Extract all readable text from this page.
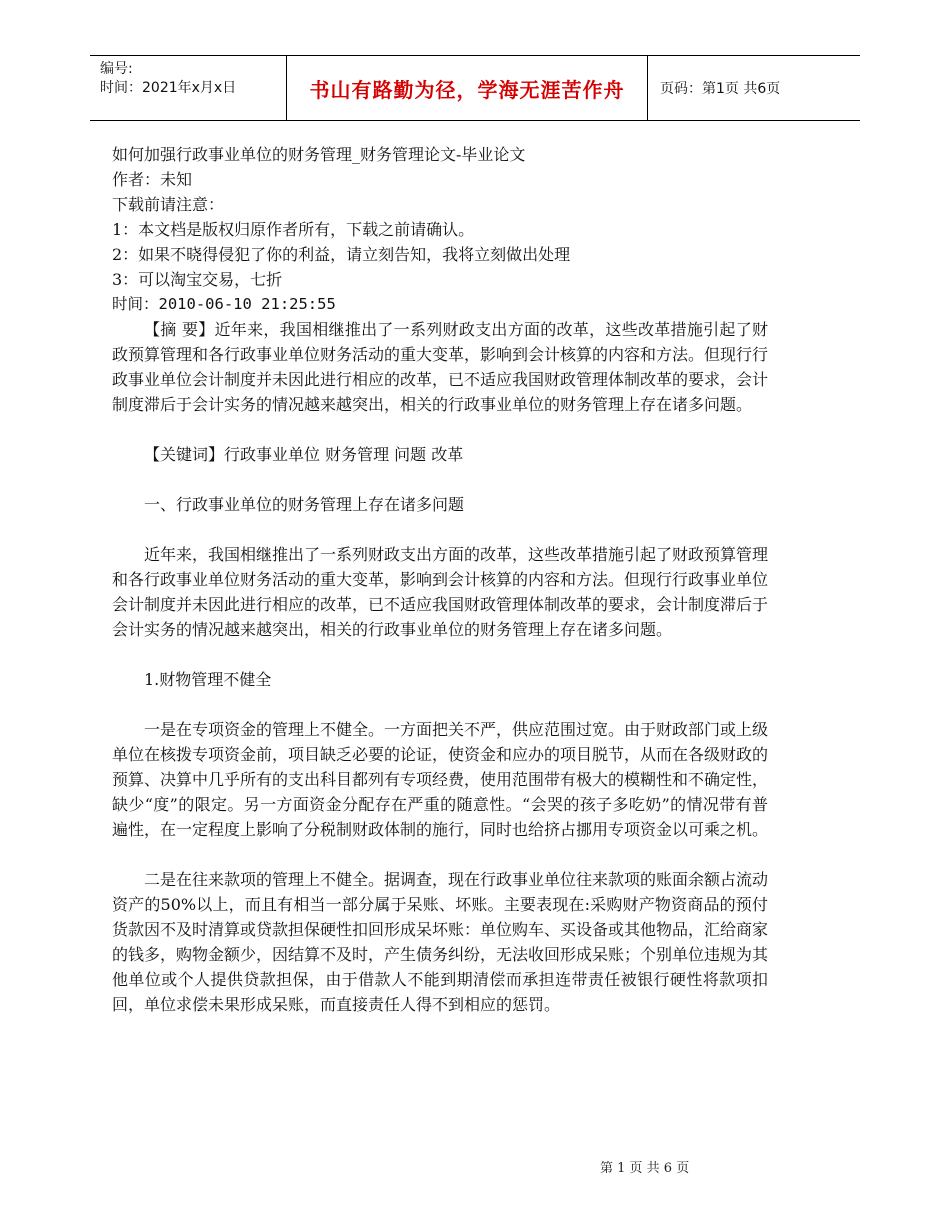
编号:
时间：2021年x月x日	书山有路勤为径，学海无涯苦作舟	页码：第1页 共6页

如何加强行政事业单位的财务管理_财务管理论文-毕业论文

作者：未知

下载前请注意：

1：本文档是版权归原作者所有，下载之前请确认。

2：如果不晓得侵犯了你的利益，请立刻告知，我将立刻做出处理

3：可以淘宝交易，七折

时间：2010-06-10 21:25:55

【摘 要】近年来，我国相继推出了一系列财政支出方面的改革，这些改革措施引起了财政预算管理和各行政事业单位财务活动的重大变革，影响到会计核算的内容和方法。但现行行政事业单位会计制度并未因此进行相应的改革，已不适应我国财政管理体制改革的要求，会计制度滞后于会计实务的情况越来越突出，相关的行政事业单位的财务管理上存在诸多问题。

【关键词】行政事业单位 财务管理 问题 改革

一、行政事业单位的财务管理上存在诸多问题

近年来，我国相继推出了一系列财政支出方面的改革，这些改革措施引起了财政预算管理和各行政事业单位财务活动的重大变革，影响到会计核算的内容和方法。但现行行政事业单位会计制度并未因此进行相应的改革，已不适应我国财政管理体制改革的要求，会计制度滞后于会计实务的情况越来越突出，相关的行政事业单位的财务管理上存在诸多问题。

1.财物管理不健全

一是在专项资金的管理上不健全。一方面把关不严，供应范围过宽。由于财政部门或上级单位在核拨专项资金前，项目缺乏必要的论证，使资金和应办的项目脱节，从而在各级财政的预算、决算中几乎所有的支出科目都列有专项经费，使用范围带有极大的模糊性和不确定性，缺少“度”的限定。另一方面资金分配存在严重的随意性。“会哭的孩子多吃奶”的情况带有普遍性，在一定程度上影响了分税制财政体制的施行，同时也给挤占挪用专项资金以可乘之机。

二是在往来款项的管理上不健全。据调查，现在行政事业单位往来款项的账面余额占流动资产的50%以上，而且有相当一部分属于呆账、坏账。主要表现在:采购财产物资商品的预付货款因不及时清算或贷款担保硬性扣回形成呆坏账：单位购车、买设备或其他物品，汇给商家的钱多，购物金额少，因结算不及时，产生债务纠纷，无法收回形成呆账；个别单位违规为其他单位或个人提供贷款担保，由于借款人不能到期清偿而承担连带责任被银行硬性将款项扣回，单位求偿未果形成呆账，而直接责任人得不到相应的惩罚。

第 1 页 共 6 页
